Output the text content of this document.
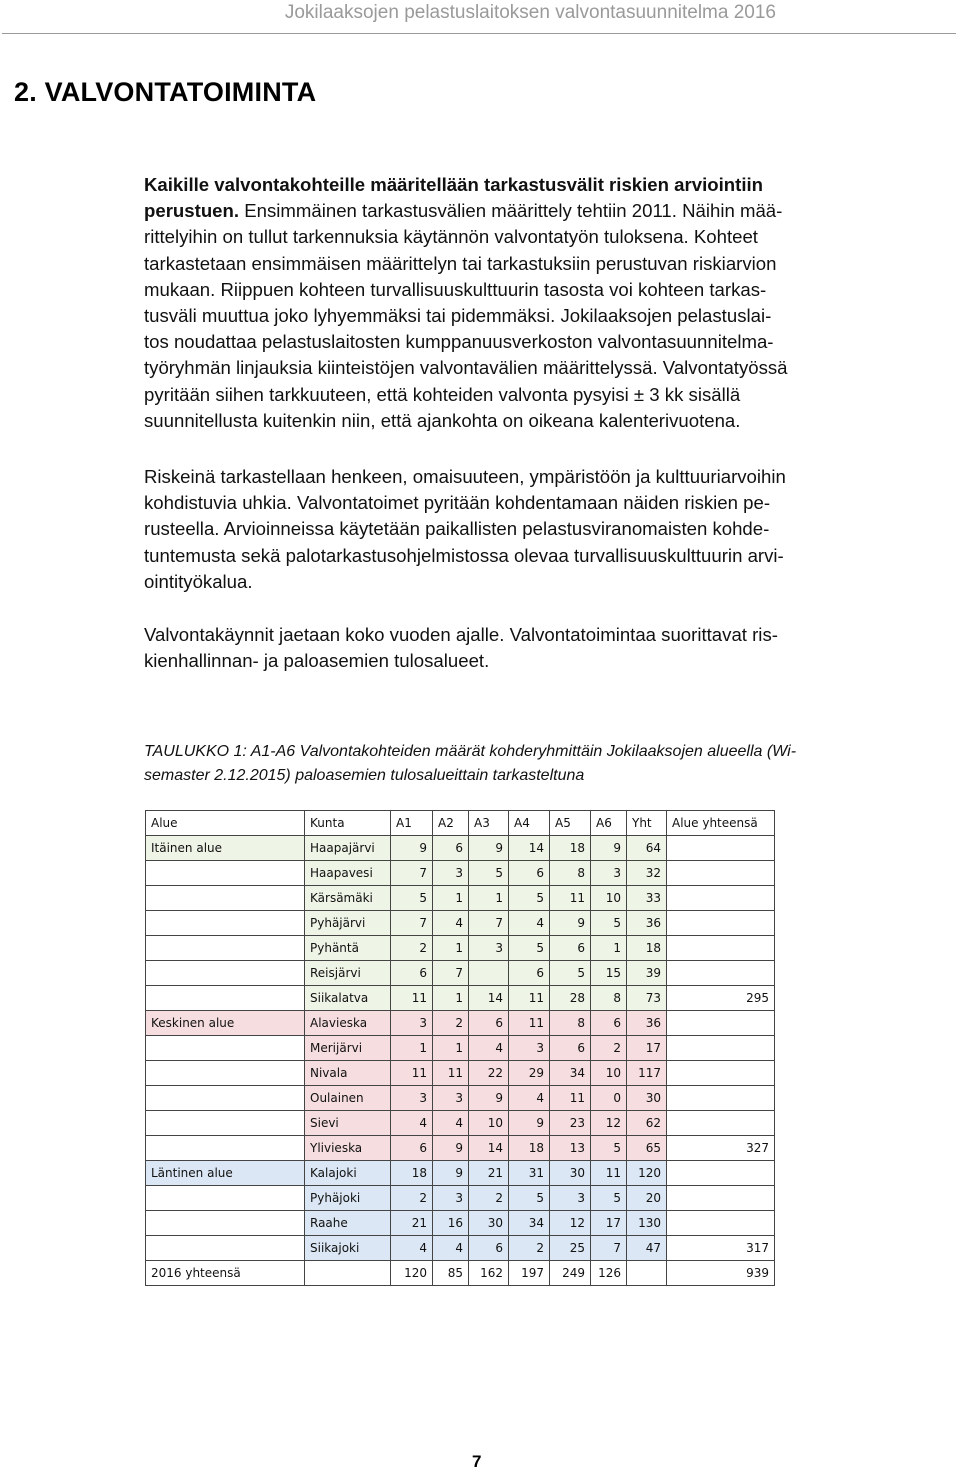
Jokilaaksojen pelastuslaitoksen valvontasuunnitelma 2016
2. VALVONTATOIMINTA
Kaikille valvontakohteille määritellään tarkastusvälit riskien arviointiin
perustuen. Ensimmäinen tarkastusvälien määrittely tehtiin 2011. Näihin mää-
rittelyihin on tullut tarkennuksia käytännön valvontatyön tuloksena. Kohteet
tarkastetaan ensimmäisen määrittelyn tai tarkastuksiin perustuvan riskiarvion
mukaan. Riippuen kohteen turvallisuuskulttuurin tasosta voi kohteen tarkas-
tusväli muuttua joko lyhyemmäksi tai pidemmäksi. Jokilaaksojen pelastuslai-
tos noudattaa pelastuslaitosten kumppanuusverkoston valvontasuunnitelma-
työryhmän linjauksia kiinteistöjen valvontavälien määrittelyssä. Valvontatyössä
pyritään siihen tarkkuuteen, että kohteiden valvonta pysyisi ± 3 kk sisällä
suunnitellusta kuitenkin niin, että ajankohta on oikeana kalenterivuotena.
Riskeinä tarkastellaan henkeen, omaisuuteen, ympäristöön ja kulttuuriarvoihin
kohdistuvia uhkia. Valvontatoimet pyritään kohdentamaan näiden riskien pe-
rusteella. Arvioinneissa käytetään paikallisten pelastusviranomaisten kohde-
tuntemusta sekä palotarkastusohjelmistossa olevaa turvallisuuskulttuurin arvi-
ointityökalua.
Valvontakäynnit jaetaan koko vuoden ajalle. Valvontatoimintaa suorittavat ris-
kienhallinnan- ja paloasemien tulosalueet.
TAULUKKO 1: A1-A6 Valvontakohteiden määrät kohderyhmittäin Jokilaaksojen alueella (Wi-
semaster 2.12.2015) paloasemien tulosalueittain tarkasteltuna
Alue	Kunta	A1	A2	A3	A4	A5	A6	Yht	Alue yhteensä
Itäinen alue	Haapajärvi	9	6	9	14	18	9	64	
	Haapavesi	7	3	5	6	8	3	32	
	Kärsämäki	5	1	1	5	11	10	33	
	Pyhäjärvi	7	4	7	4	9	5	36	
	Pyhäntä	2	1	3	5	6	1	18	
	Reisjärvi	6	7		6	5	15	39	
	Siikalatva	11	1	14	11	28	8	73	295
Keskinen alue	Alavieska	3	2	6	11	8	6	36	
	Merijärvi	1	1	4	3	6	2	17	
	Nivala	11	11	22	29	34	10	117	
	Oulainen	3	3	9	4	11	0	30	
	Sievi	4	4	10	9	23	12	62	
	Ylivieska	6	9	14	18	13	5	65	327
Läntinen alue	Kalajoki	18	9	21	31	30	11	120	
	Pyhäjoki	2	3	2	5	3	5	20	
	Raahe	21	16	30	34	12	17	130	
	Siikajoki	4	4	6	2	25	7	47	317
2016 yhteensä		120	85	162	197	249	126		939
7
